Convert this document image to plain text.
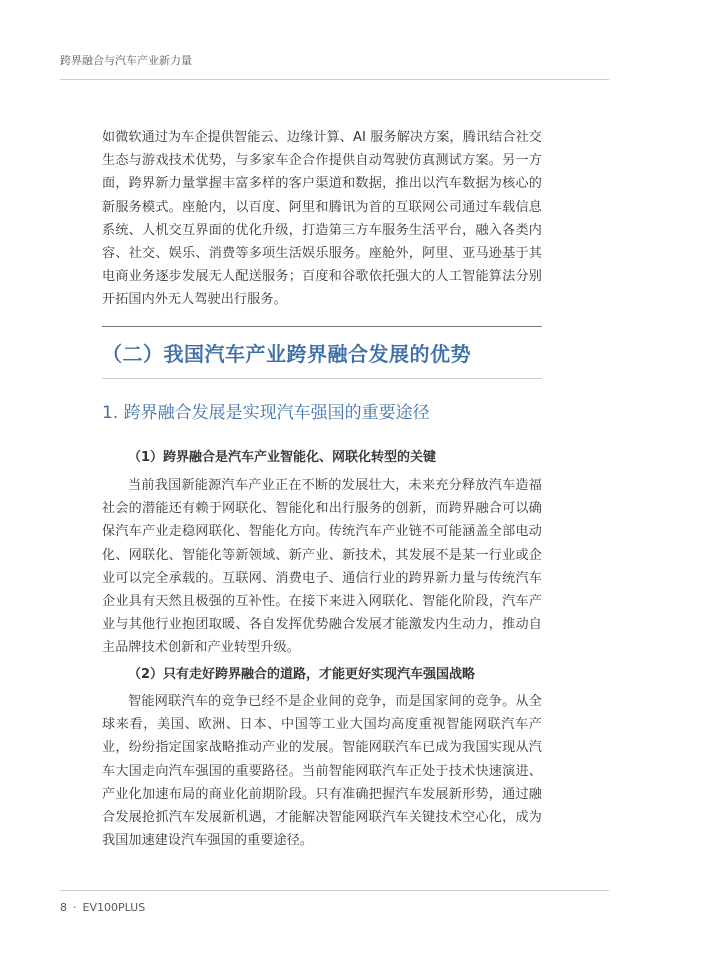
跨界融合与汽车产业新力量

如微软通过为车企提供智能云、边缘计算、AI 服务解决方案，腾讯结合社交生态与游戏技术优势，与多家车企合作提供自动驾驶仿真测试方案。另一方面，跨界新力量掌握丰富多样的客户渠道和数据，推出以汽车数据为核心的新服务模式。座舱内，以百度、阿里和腾讯为首的互联网公司通过车载信息系统、人机交互界面的优化升级，打造第三方车服务生活平台，融入各类内容、社交、娱乐、消费等多项生活娱乐服务。座舱外，阿里、亚马逊基于其电商业务逐步发展无人配送服务；百度和谷歌依托强大的人工智能算法分别开拓国内外无人驾驶出行服务。

（二）我国汽车产业跨界融合发展的优势
1. 跨界融合发展是实现汽车强国的重要途径
（1）跨界融合是汽车产业智能化、网联化转型的关键

当前我国新能源汽车产业正在不断的发展壮大，未来充分释放汽车造福社会的潜能还有赖于网联化、智能化和出行服务的创新，而跨界融合可以确保汽车产业走稳网联化、智能化方向。传统汽车产业链不可能涵盖全部电动化、网联化、智能化等新领域、新产业、新技术，其发展不是某一行业或企业可以完全承载的。互联网、消费电子、通信行业的跨界新力量与传统汽车企业具有天然且极强的互补性。在接下来进入网联化、智能化阶段，汽车产业与其他行业抱团取暖、各自发挥优势融合发展才能激发内生动力，推动自主品牌技术创新和产业转型升级。

（2）只有走好跨界融合的道路，才能更好实现汽车强国战略

智能网联汽车的竞争已经不是企业间的竞争，而是国家间的竞争。从全球来看，美国、欧洲、日本、中国等工业大国均高度重视智能网联汽车产业，纷纷指定国家战略推动产业的发展。智能网联汽车已成为我国实现从汽车大国走向汽车强国的重要路径。当前智能网联汽车正处于技术快速演进、产业化加速布局的商业化前期阶段。只有准确把握汽车发展新形势，通过融合发展抢抓汽车发展新机遇，才能解决智能网联汽车关键技术空心化，成为我国加速建设汽车强国的重要途径。

8 · EV100PLUS
